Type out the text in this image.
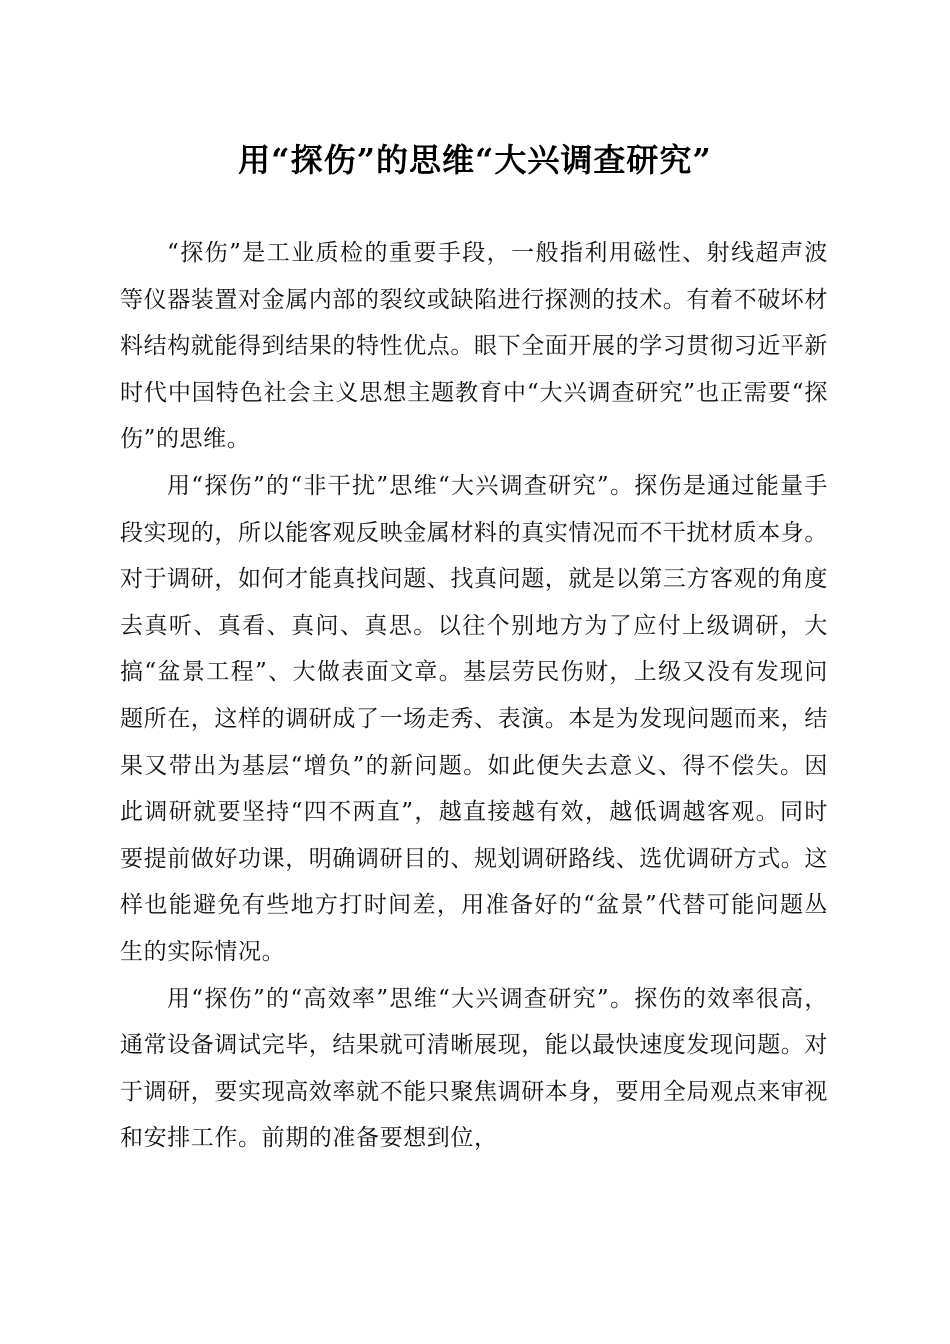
用“探伤”的思维“大兴调查研究”

“探伤”是工业质检的重要手段，一般指利用磁性、射线超声波等仪器装置对金属内部的裂纹或缺陷进行探测的技术。有着不破坏材料结构就能得到结果的特性优点。眼下全面开展的学习贯彻习近平新时代中国特色社会主义思想主题教育中“大兴调查研究”也正需要“探伤”的思维。

用“探伤”的“非干扰”思维“大兴调查研究”。探伤是通过能量手段实现的，所以能客观反映金属材料的真实情况而不干扰材质本身。对于调研，如何才能真找问题、找真问题，就是以第三方客观的角度去真听、真看、真问、真思。以往个别地方为了应付上级调研，大搞“盆景工程”、大做表面文章。基层劳民伤财，上级又没有发现问题所在，这样的调研成了一场走秀、表演。本是为发现问题而来，结果又带出为基层“增负”的新问题。如此便失去意义、得不偿失。因此调研就要坚持“四不两直”，越直接越有效，越低调越客观。同时要提前做好功课，明确调研目的、规划调研路线、选优调研方式。这样也能避免有些地方打时间差，用准备好的“盆景”代替可能问题丛生的实际情况。

用“探伤”的“高效率”思维“大兴调查研究”。探伤的效率很高，通常设备调试完毕，结果就可清晰展现，能以最快速度发现问题。对于调研，要实现高效率就不能只聚焦调研本身，要用全局观点来审视和安排工作。前期的准备要想到位，
